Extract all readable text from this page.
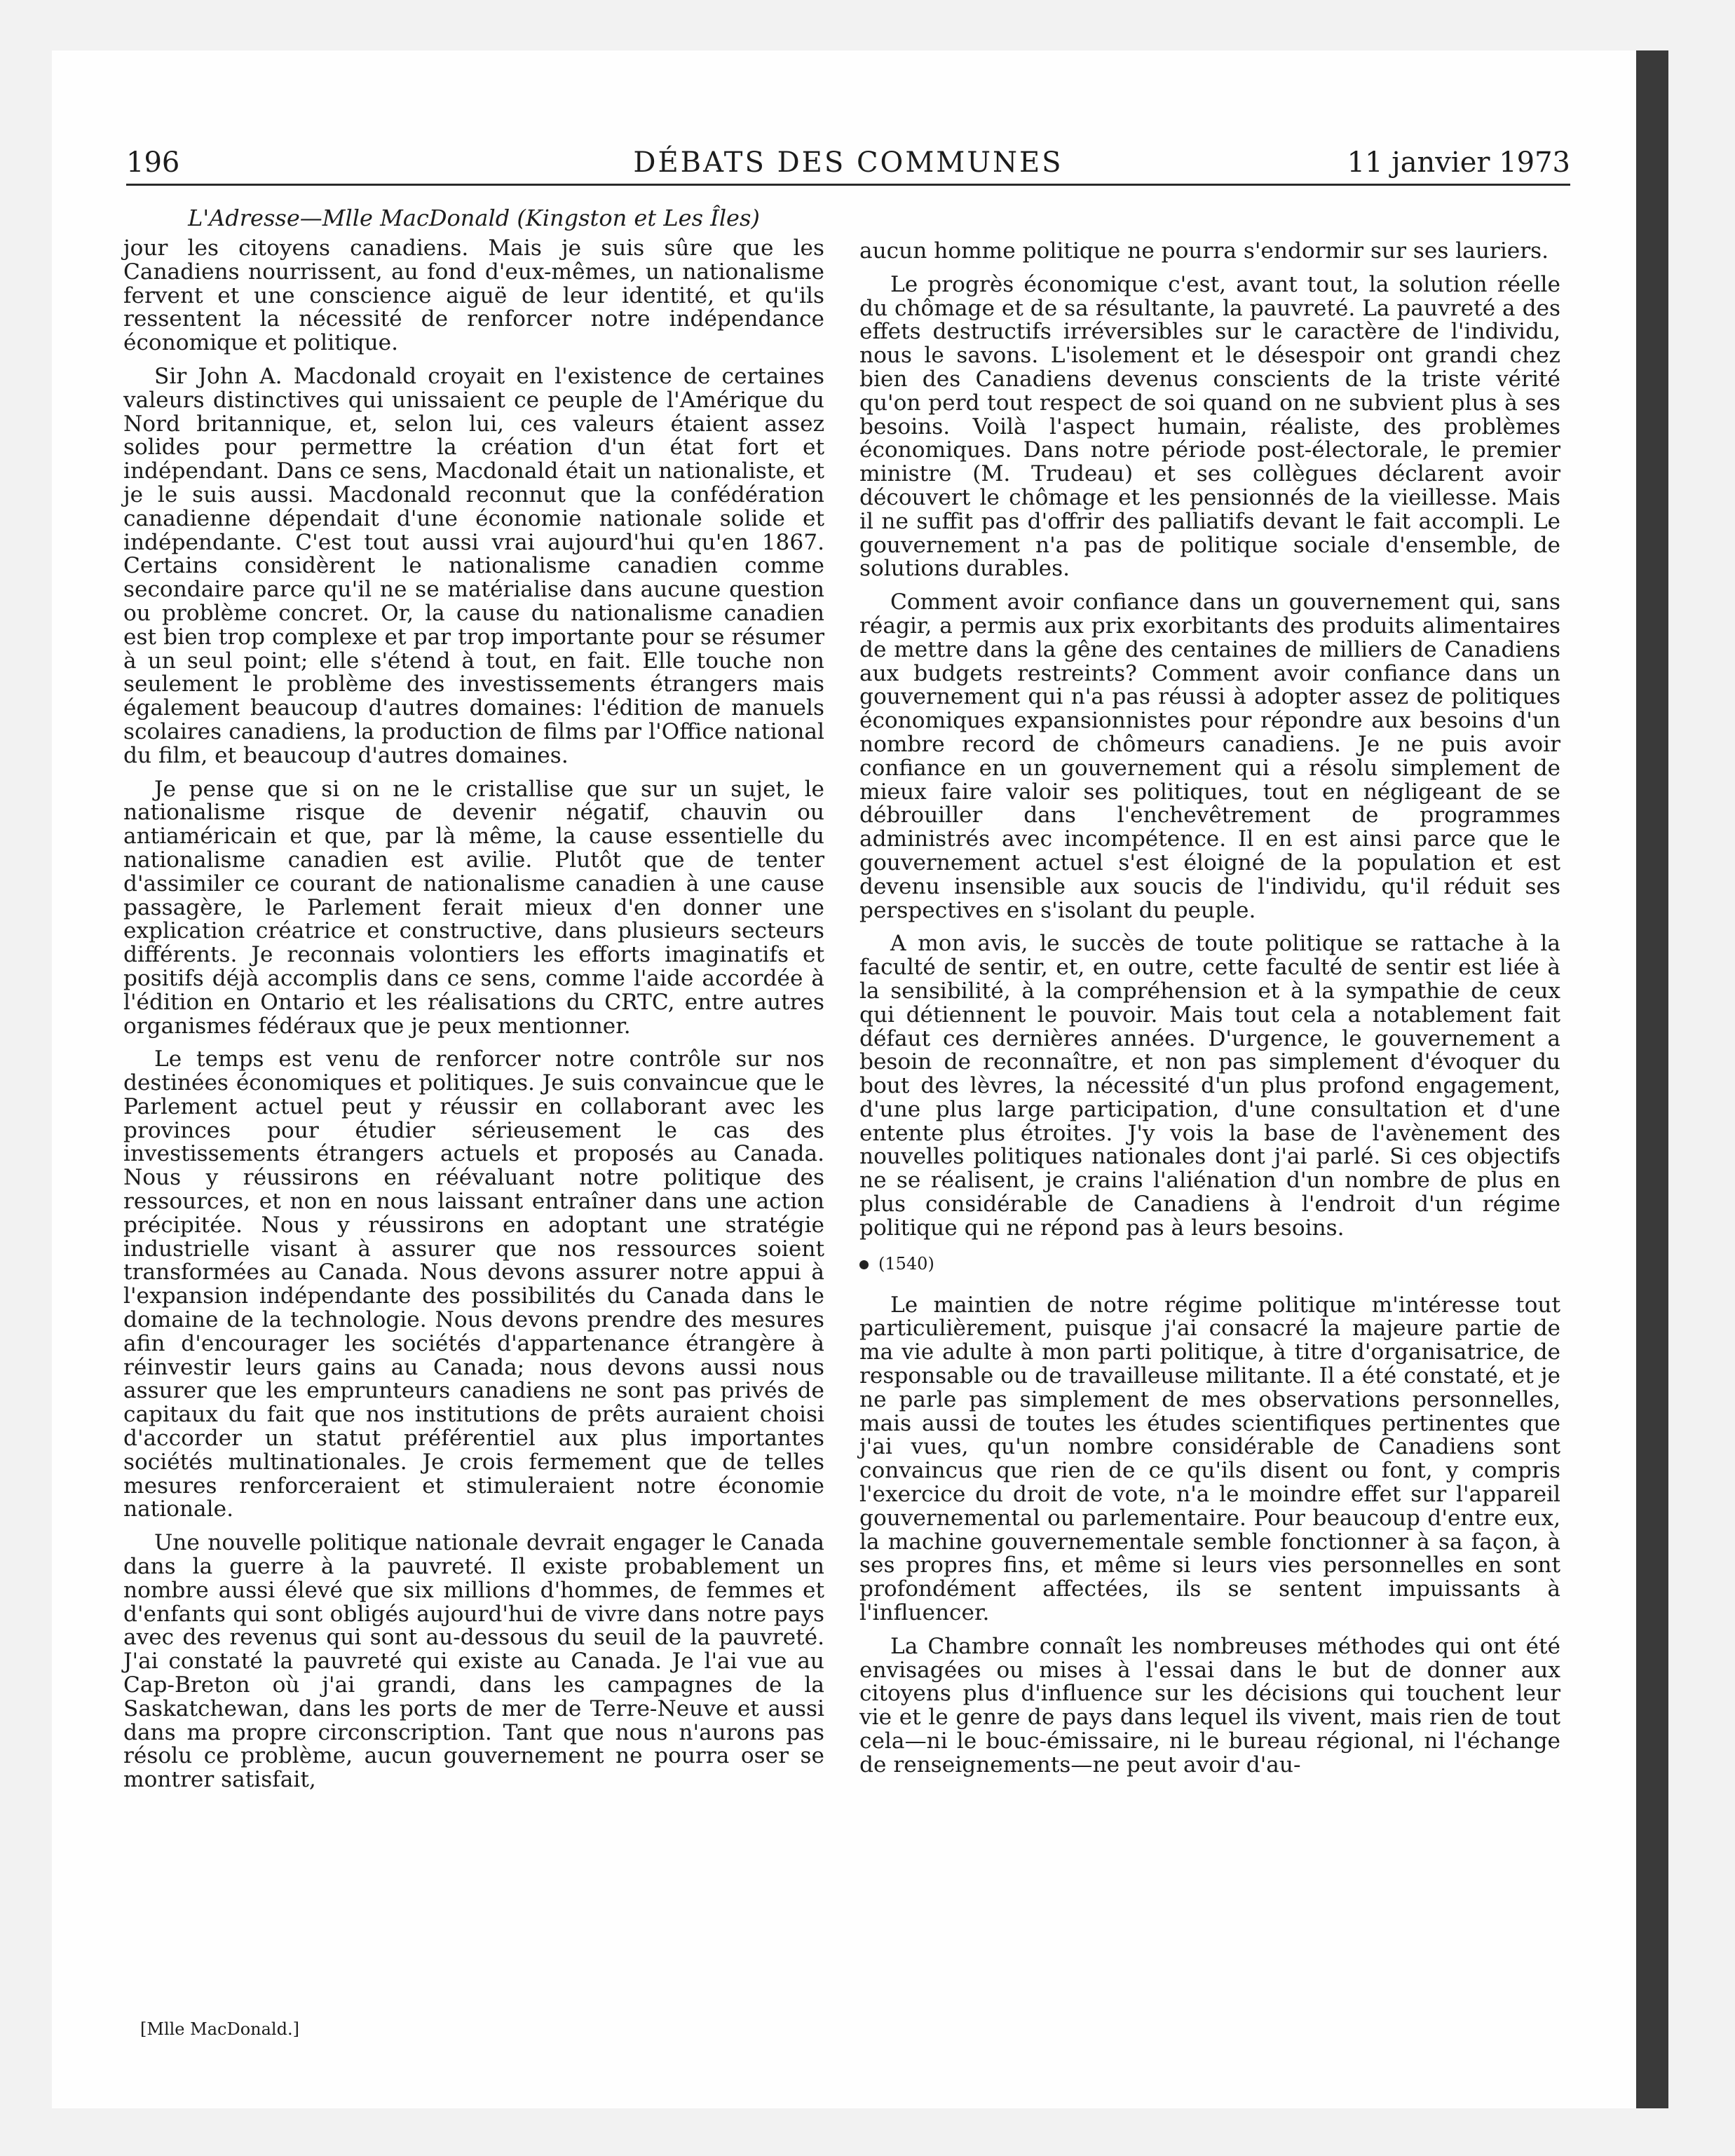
196	DÉBATS DES COMMUNES	11 janvier 1973
L'Adresse—Mlle MacDonald (Kingston et Les Îles)

jour les citoyens canadiens. Mais je suis sûre que les Canadiens nourrissent, au fond d'eux-mêmes, un nationalisme fervent et une conscience aiguë de leur identité, et qu'ils ressentent la nécessité de renforcer notre indépendance économique et politique.

Sir John A. Macdonald croyait en l'existence de certaines valeurs distinctives qui unissaient ce peuple de l'Amérique du Nord britannique, et, selon lui, ces valeurs étaient assez solides pour permettre la création d'un état fort et indépendant. Dans ce sens, Macdonald était un nationaliste, et je le suis aussi. Macdonald reconnut que la confédération canadienne dépendait d'une économie nationale solide et indépendante. C'est tout aussi vrai aujourd'hui qu'en 1867. Certains considèrent le nationalisme canadien comme secondaire parce qu'il ne se matérialise dans aucune question ou problème concret. Or, la cause du nationalisme canadien est bien trop complexe et par trop importante pour se résumer à un seul point; elle s'étend à tout, en fait. Elle touche non seulement le problème des investissements étrangers mais également beaucoup d'autres domaines: l'édition de manuels scolaires canadiens, la production de films par l'Office national du film, et beaucoup d'autres domaines.

Je pense que si on ne le cristallise que sur un sujet, le nationalisme risque de devenir négatif, chauvin ou antiaméricain et que, par là même, la cause essentielle du nationalisme canadien est avilie. Plutôt que de tenter d'assimiler ce courant de nationalisme canadien à une cause passagère, le Parlement ferait mieux d'en donner une explication créatrice et constructive, dans plusieurs secteurs différents. Je reconnais volontiers les efforts imaginatifs et positifs déjà accomplis dans ce sens, comme l'aide accordée à l'édition en Ontario et les réalisations du CRTC, entre autres organismes fédéraux que je peux mentionner.

Le temps est venu de renforcer notre contrôle sur nos destinées économiques et politiques. Je suis convaincue que le Parlement actuel peut y réussir en collaborant avec les provinces pour étudier sérieusement le cas des investissements étrangers actuels et proposés au Canada. Nous y réussirons en réévaluant notre politique des ressources, et non en nous laissant entraîner dans une action précipitée. Nous y réussirons en adoptant une stratégie industrielle visant à assurer que nos ressources soient transformées au Canada. Nous devons assurer notre appui à l'expansion indépendante des possibilités du Canada dans le domaine de la technologie. Nous devons prendre des mesures afin d'encourager les sociétés d'appartenance étrangère à réinvestir leurs gains au Canada; nous devons aussi nous assurer que les emprunteurs canadiens ne sont pas privés de capitaux du fait que nos institutions de prêts auraient choisi d'accorder un statut préférentiel aux plus importantes sociétés multinationales. Je crois fermement que de telles mesures renforceraient et stimuleraient notre économie nationale.

Une nouvelle politique nationale devrait engager le Canada dans la guerre à la pauvreté. Il existe probablement un nombre aussi élevé que six millions d'hommes, de femmes et d'enfants qui sont obligés aujourd'hui de vivre dans notre pays avec des revenus qui sont au-dessous du seuil de la pauvreté. J'ai constaté la pauvreté qui existe au Canada. Je l'ai vue au Cap-Breton où j'ai grandi, dans les campagnes de la Saskatchewan, dans les ports de mer de Terre-Neuve et aussi dans ma propre circonscription. Tant que nous n'aurons pas résolu ce problème, aucun gouvernement ne pourra oser se montrer satisfait,

aucun homme politique ne pourra s'endormir sur ses lauriers.

Le progrès économique c'est, avant tout, la solution réelle du chômage et de sa résultante, la pauvreté. La pauvreté a des effets destructifs irréversibles sur le caractère de l'individu, nous le savons. L'isolement et le désespoir ont grandi chez bien des Canadiens devenus conscients de la triste vérité qu'on perd tout respect de soi quand on ne subvient plus à ses besoins. Voilà l'aspect humain, réaliste, des problèmes économiques. Dans notre période post-électorale, le premier ministre (M. Trudeau) et ses collègues déclarent avoir découvert le chômage et les pensionnés de la vieillesse. Mais il ne suffit pas d'offrir des palliatifs devant le fait accompli. Le gouvernement n'a pas de politique sociale d'ensemble, de solutions durables.

Comment avoir confiance dans un gouvernement qui, sans réagir, a permis aux prix exorbitants des produits alimentaires de mettre dans la gêne des centaines de milliers de Canadiens aux budgets restreints? Comment avoir confiance dans un gouvernement qui n'a pas réussi à adopter assez de politiques économiques expansionnistes pour répondre aux besoins d'un nombre record de chômeurs canadiens. Je ne puis avoir confiance en un gouvernement qui a résolu simplement de mieux faire valoir ses politiques, tout en négligeant de se débrouiller dans l'enchevêtrement de programmes administrés avec incompétence. Il en est ainsi parce que le gouvernement actuel s'est éloigné de la population et est devenu insensible aux soucis de l'individu, qu'il réduit ses perspectives en s'isolant du peuple.

A mon avis, le succès de toute politique se rattache à la faculté de sentir, et, en outre, cette faculté de sentir est liée à la sensibilité, à la compréhension et à la sympathie de ceux qui détiennent le pouvoir. Mais tout cela a notablement fait défaut ces dernières années. D'urgence, le gouvernement a besoin de reconnaître, et non pas simplement d'évoquer du bout des lèvres, la nécessité d'un plus profond engagement, d'une plus large participation, d'une consultation et d'une entente plus étroites. J'y vois la base de l'avènement des nouvelles politiques nationales dont j'ai parlé. Si ces objectifs ne se réalisent, je crains l'aliénation d'un nombre de plus en plus considérable de Canadiens à l'endroit d'un régime politique qui ne répond pas à leurs besoins.

(1540)

Le maintien de notre régime politique m'intéresse tout particulièrement, puisque j'ai consacré la majeure partie de ma vie adulte à mon parti politique, à titre d'organisatrice, de responsable ou de travailleuse militante. Il a été constaté, et je ne parle pas simplement de mes observations personnelles, mais aussi de toutes les études scientifiques pertinentes que j'ai vues, qu'un nombre considérable de Canadiens sont convaincus que rien de ce qu'ils disent ou font, y compris l'exercice du droit de vote, n'a le moindre effet sur l'appareil gouvernemental ou parlementaire. Pour beaucoup d'entre eux, la machine gouvernementale semble fonctionner à sa façon, à ses propres fins, et même si leurs vies personnelles en sont profondément affectées, ils se sentent impuissants à l'influencer.

La Chambre connaît les nombreuses méthodes qui ont été envisagées ou mises à l'essai dans le but de donner aux citoyens plus d'influence sur les décisions qui touchent leur vie et le genre de pays dans lequel ils vivent, mais rien de tout cela—ni le bouc-émissaire, ni le bureau régional, ni l'échange de renseignements—ne peut avoir d'au-

[Mlle MacDonald.]
